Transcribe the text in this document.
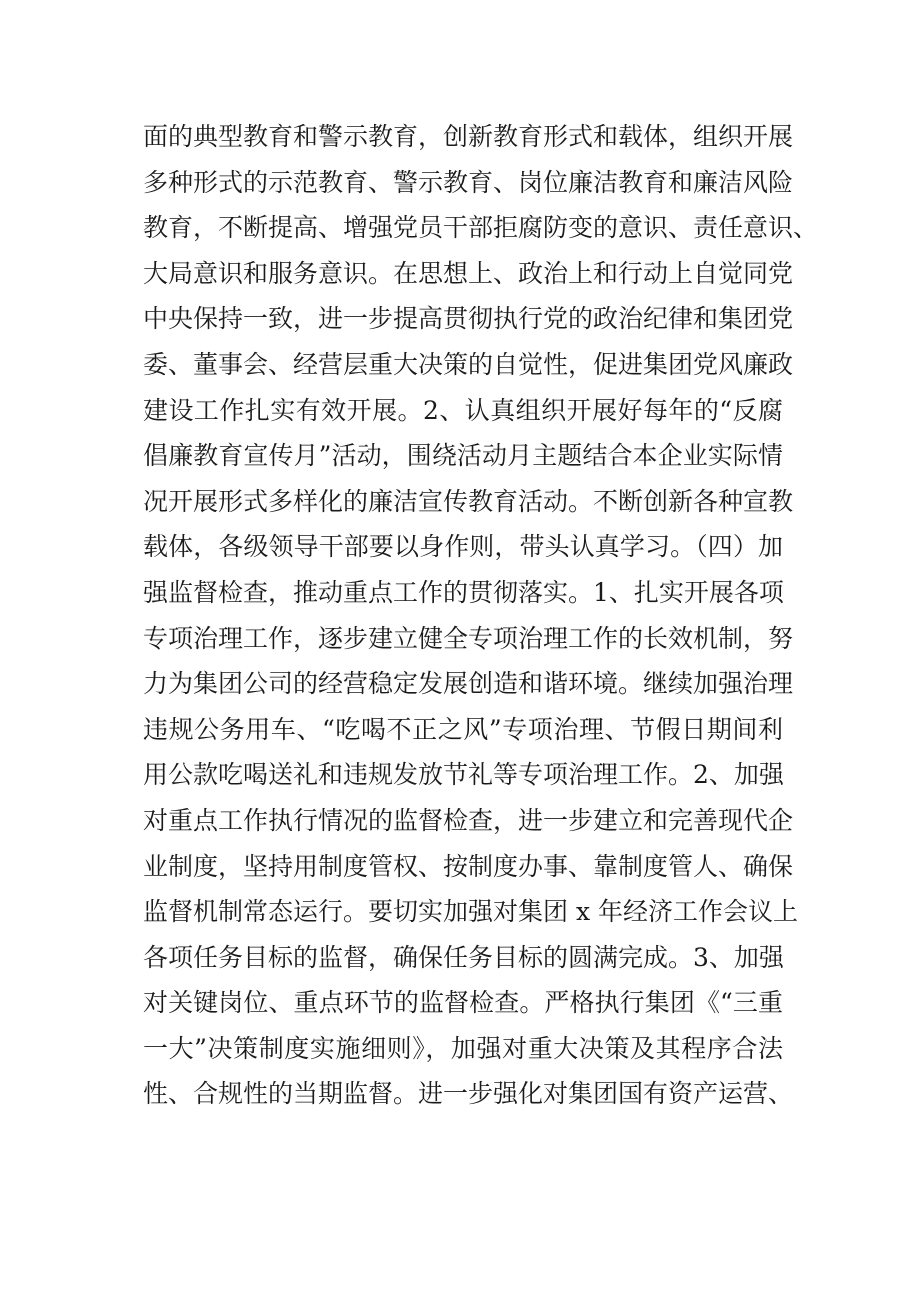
面的典型教育和警示教育，创新教育形式和载体，组织开展
多种形式的示范教育、警示教育、岗位廉洁教育和廉洁风险
教育，不断提高、增强党员干部拒腐防变的意识、责任意识、
大局意识和服务意识。在思想上、政治上和行动上自觉同党
中央保持一致，进一步提高贯彻执行党的政治纪律和集团党
委、董事会、经营层重大决策的自觉性，促进集团党风廉政
建设工作扎实有效开展。2、认真组织开展好每年的“反腐
倡廉教育宣传月”活动，围绕活动月主题结合本企业实际情
况开展形式多样化的廉洁宣传教育活动。不断创新各种宣教
载体，各级领导干部要以身作则，带头认真学习。（四）加
强监督检查，推动重点工作的贯彻落实。1、扎实开展各项
专项治理工作，逐步建立健全专项治理工作的长效机制，努
力为集团公司的经营稳定发展创造和谐环境。继续加强治理
违规公务用车、“吃喝不正之风”专项治理、节假日期间利
用公款吃喝送礼和违规发放节礼等专项治理工作。2、加强
对重点工作执行情况的监督检查，进一步建立和完善现代企
业制度，坚持用制度管权、按制度办事、靠制度管人、确保
监督机制常态运行。要切实加强对集团 x 年经济工作会议上
各项任务目标的监督，确保任务目标的圆满完成。3、加强
对关键岗位、重点环节的监督检查。严格执行集团《“三重
一大”决策制度实施细则》，加强对重大决策及其程序合法
性、合规性的当期监督。进一步强化对集团国有资产运营、
